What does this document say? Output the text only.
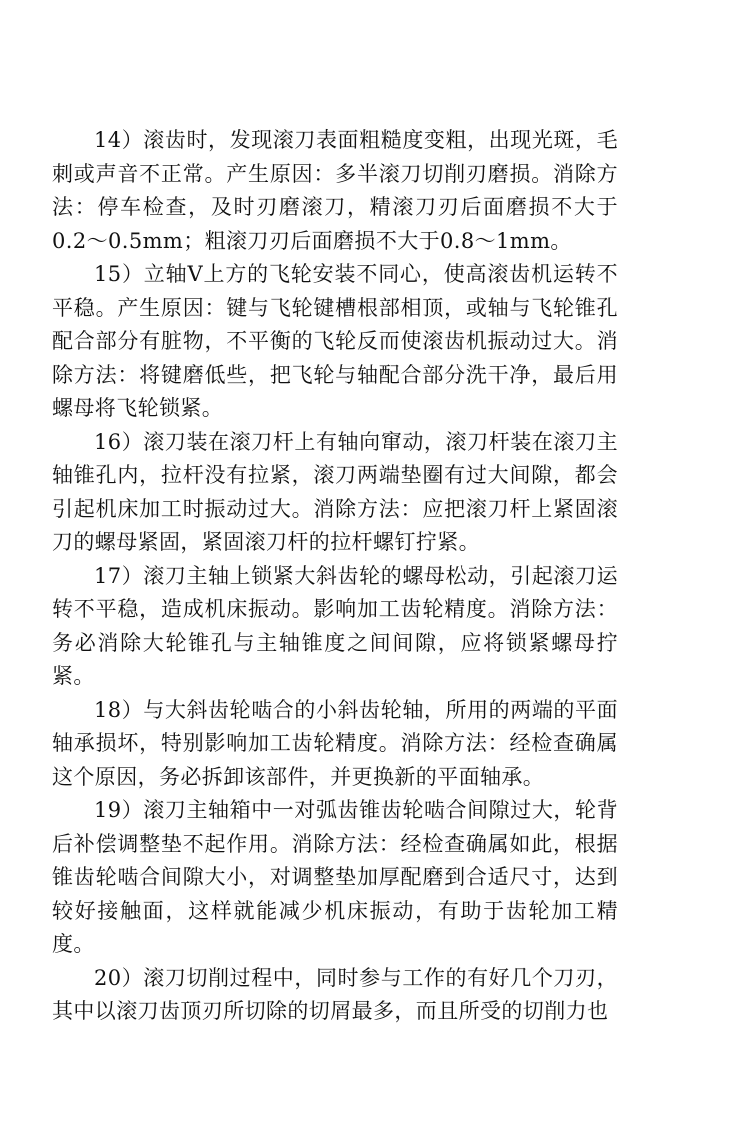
14）滚齿时，发现滚刀表面粗糙度变粗，出现光斑，毛刺或声音不正常。产生原因：多半滚刀切削刃磨损。消除方法：停车检查，及时刃磨滚刀，精滚刀刃后面磨损不大于0.2～0.5mm；粗滚刀刃后面磨损不大于0.8～1mm。

15）立轴V上方的飞轮安装不同心，使高滚齿机运转不平稳。产生原因：键与飞轮键槽根部相顶，或轴与飞轮锥孔配合部分有脏物，不平衡的飞轮反而使滚齿机振动过大。消除方法：将键磨低些，把飞轮与轴配合部分洗干净，最后用螺母将飞轮锁紧。

16）滚刀装在滚刀杆上有轴向窜动，滚刀杆装在滚刀主轴锥孔内，拉杆没有拉紧，滚刀两端垫圈有过大间隙，都会引起机床加工时振动过大。消除方法：应把滚刀杆上紧固滚刀的螺母紧固，紧固滚刀杆的拉杆螺钉拧紧。

17）滚刀主轴上锁紧大斜齿轮的螺母松动，引起滚刀运转不平稳，造成机床振动。影响加工齿轮精度。消除方法：务必消除大轮锥孔与主轴锥度之间间隙，应将锁紧螺母拧紧。

18）与大斜齿轮啮合的小斜齿轮轴，所用的两端的平面轴承损坏，特别影响加工齿轮精度。消除方法：经检查确属这个原因，务必拆卸该部件，并更换新的平面轴承。

19）滚刀主轴箱中一对弧齿锥齿轮啮合间隙过大，轮背后补偿调整垫不起作用。消除方法：经检查确属如此，根据锥齿轮啮合间隙大小，对调整垫加厚配磨到合适尺寸，达到较好接触面，这样就能减少机床振动，有助于齿轮加工精度。

20）滚刀切削过程中，同时参与工作的有好几个刀刃，其中以滚刀齿顶刃所切除的切屑最多，而且所受的切削力也
